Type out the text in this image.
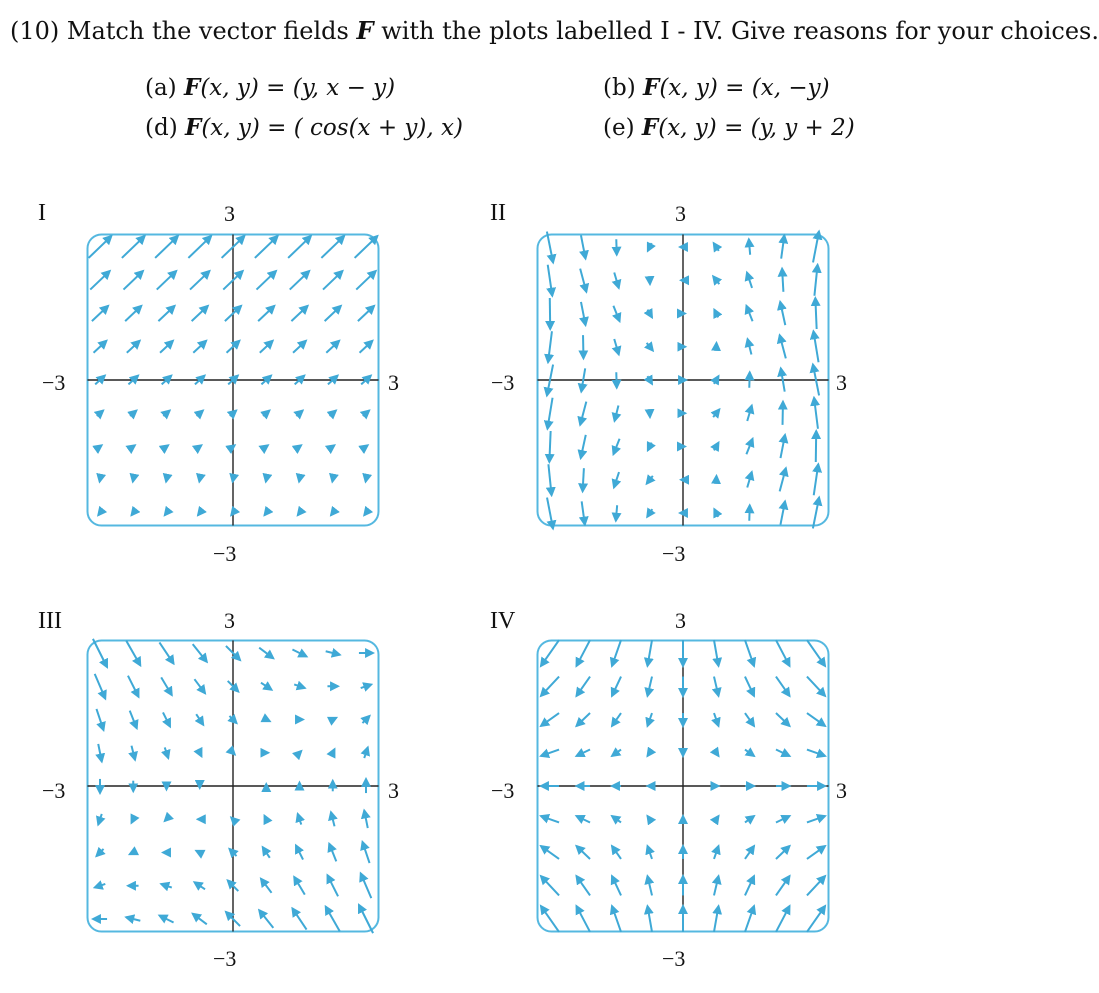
(10) Match the vector fields F with the plots labelled I - IV. Give reasons for your choices.
(a) F(x, y) = (y, x − y)	(b) F(x, y) = (x, −y)
(d) F(x, y) = ( cos(x + y), x)	(e) F(x, y) = (y, y + 2)
I	3
−3	3
−3
II	3
−3	3
−3
III	3
−3	3
−3
IV	3
−3	3
−3
